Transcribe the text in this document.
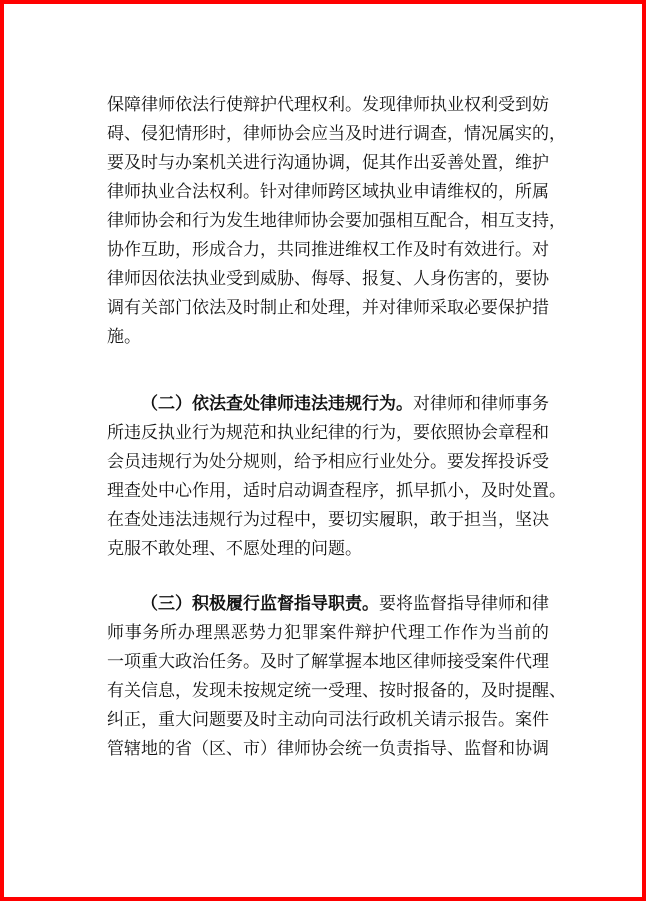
保 障 律 师 依 法 行 使 辩 护 代 理 权 利 。 发 现 律 师 执 业 权 利 受 到 妨
碍 、 侵 犯 情 形 时 ， 律 师 协 会 应 当 及 时 进 行 调 查 ， 情 况 属 实 的 ，
要 及 时 与 办 案 机 关 进 行 沟 通 协 调 ， 促 其 作 出 妥 善 处 置 ， 维 护
律 师 执 业 合 法 权 利 。 针 对 律 师 跨 区 域 执 业 申 请 维 权 的 ， 所 属
律 师 协 会 和 行 为 发 生 地 律 师 协 会 要 加 强 相 互 配 合 ， 相 互 支 持 ，
协 作 互 助 ， 形 成 合 力 ， 共 同 推 进 维 权 工 作 及 时 有 效 进 行 。 对
律 师 因 依 法 执 业 受 到 威 胁 、 侮 辱 、 报 复 、 人 身 伤 害 的 ， 要 协
调 有 关 部 门 依 法 及 时 制 止 和 处 理 ， 并 对 律 师 采 取 必 要 保 护 措
施。
（二）依法查处律师违法违规行为。 对律师和律师事务
所 违 反 执 业 行 为 规 范 和 执 业 纪 律 的 行 为 ， 要 依 照 协 会 章 程 和
会 员 违 规 行 为 处 分 规 则 ， 给 予 相 应 行 业 处 分 。 要 发 挥 投 诉 受
理 查 处 中 心 作 用 ， 适 时 启 动 调 查 程 序 ， 抓 早 抓 小 ， 及 时 处 置 。
在 查 处 违 法 违 规 行 为 过 程 中 ， 要 切 实 履 职 ， 敢 于 担 当 ， 坚 决
克服不敢处理、不愿处理的问题。
（三）积极履行监督指导职责。 要将监督指导律师和律
师 事 务 所 办 理 黑 恶 势 力 犯 罪 案 件 辩 护 代 理 工 作 作 为 当 前 的
一 项 重 大 政 治 任 务 。 及 时 了 解 掌 握 本 地 区 律 师 接 受 案 件 代 理
有 关 信 息 ， 发 现 未 按 规 定 统 一 受 理 、 按 时 报 备 的 ， 及 时 提 醒 、
纠 正 ， 重 大 问 题 要 及 时 主 动 向 司 法 行 政 机 关 请 示 报 告 。 案 件
管 辖 地 的 省 （ 区 、 市 ） 律 师 协 会 统 一 负 责 指 导 、 监 督 和 协 调
